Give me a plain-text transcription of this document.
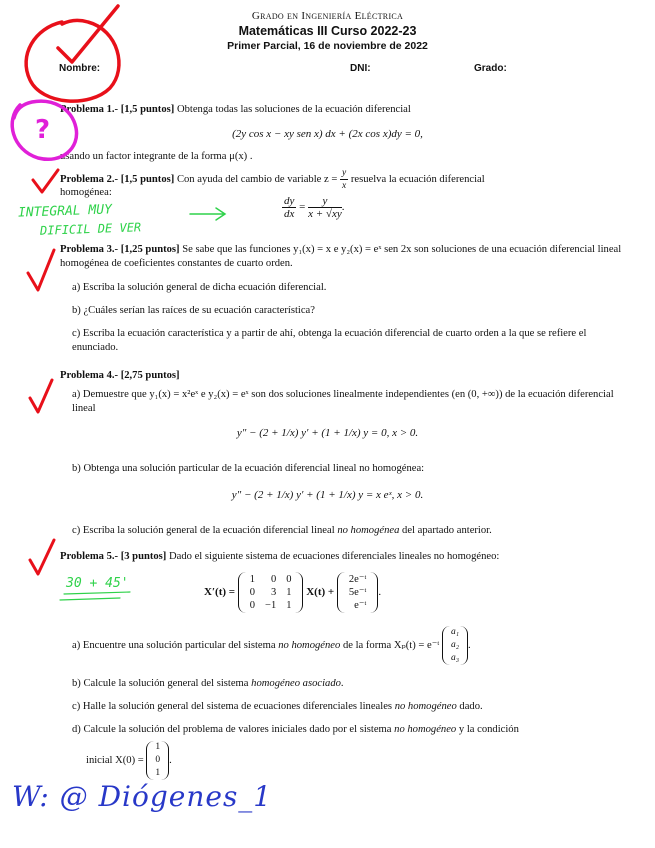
Grado en Ingeniería Eléctrica
Matemáticas III Curso 2022-23
Primer Parcial, 16 de noviembre de 2022
Nombre:	DNI:	Grado:
Problema 1.- [1,5 puntos] Obtenga todas las soluciones de la ecuación diferencial
(2y cos x − xy sen x) dx + (2x cos x)dy = 0,
usando un factor integrante de la forma μ(x) .
Problema 2.- [1,5 puntos] Con ayuda del cambio de variable $z = \frac{y}{x}$ resuelva la ecuación diferencial
homogénea:
$\frac{dy}{dx} = \frac{y}{x + √xy}$ .
Problema 3.- [1,25 puntos] Se sabe que las funciones y₁(x) = x e y₂(x) = eˣ sen 2x son soluciones de una ecuación diferencial lineal homogénea de coeficientes constantes de cuarto orden.
a) Escriba la solución general de dicha ecuación diferencial.
b) ¿Cuáles serían las raíces de su ecuación característica?
c) Escriba la ecuación característica y a partir de ahí, obtenga la ecuación diferencial de cuarto orden a la que se refiere el enunciado.
Problema 4.- [2,75 puntos]
a) Demuestre que y₁(x) = x²eˣ e y₂(x) = eˣ son dos soluciones linealmente independientes (en (0, +∞)) de la ecuación diferencial lineal
y″ − (2 + 1/x) y′ + (1 + 1/x) y = 0, x > 0.
b) Obtenga una solución particular de la ecuación diferencial lineal no homogénea:
y″ − (2 + 1/x) y′ + (1 + 1/x) y = x eˣ, x > 0.
c) Escriba la solución general de la ecuación diferencial lineal no homogénea del apartado anterior.
Problema 5.- [3 puntos] Dado el siguiente sistema de ecuaciones diferenciales lineales no homogéneo:
X′(t) =
1	0	0
0	3	1
0	−1	1
X(t) +
2e⁻ᵗ
5e⁻ᵗ
e⁻ᵗ
.
a) Encuentre una solución particular del sistema no homogéneo de la forma Xₚ(t) = e⁻ᵗ
a₁
a₂
a₃
.
b) Calcule la solución general del sistema homogéneo asociado.
c) Halle la solución general del sistema de ecuaciones diferenciales lineales no homogéneo dado.
d) Calcule la solución del problema de valores iniciales dado por el sistema no homogéneo y la condición
inicial X(0) =
1
0
1
.
?
INTEGRAL MUY
DIFICIL DE VER
30 + 45'
W: @ Diógenes_1
